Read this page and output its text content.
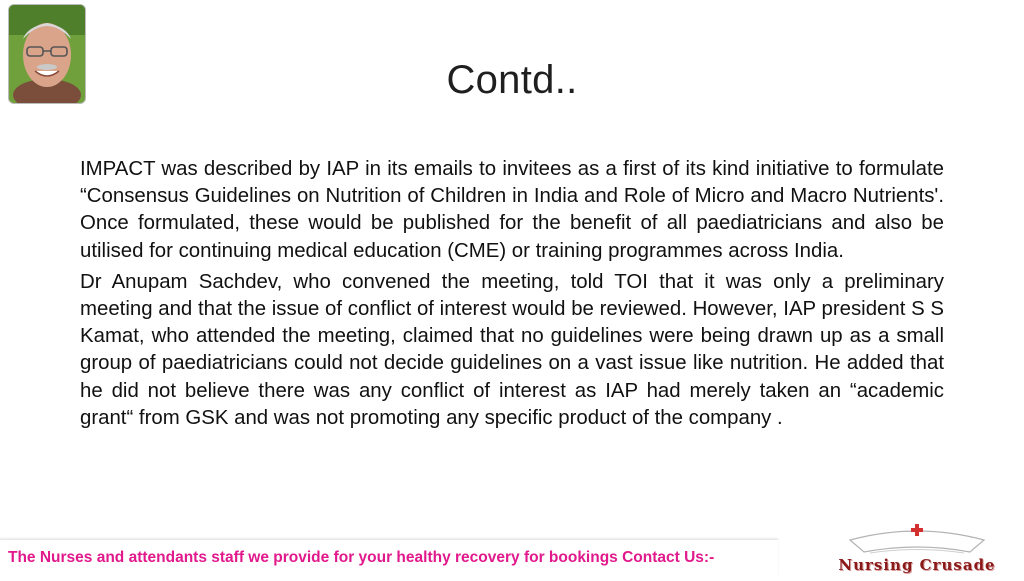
Contd..

IMPACT was described by IAP in its emails to invitees as a first of its kind initiative to formulate “Consensus Guidelines on Nutrition of Children in India and Role of Micro and Macro Nutrients'. Once formulated, these would be published for the benefit of all paediatricians and also be utilised for continuing medical education (CME) or training programmes across India.

Dr Anupam Sachdev, who convened the meeting, told TOI that it was only a preliminary meeting and that the issue of conflict of interest would be reviewed. However, IAP president S S Kamat, who attended the meeting, claimed that no guidelines were being drawn up as a small group of paediatricians could not decide guidelines on a vast issue like nutrition. He added that he did not believe there was any conflict of interest as IAP had merely taken an “academic grant“ from GSK and was not promoting any specific product of the company .

The Nurses and attendants staff we provide for your healthy recovery for bookings Contact Us:-	Nursing Crusade
